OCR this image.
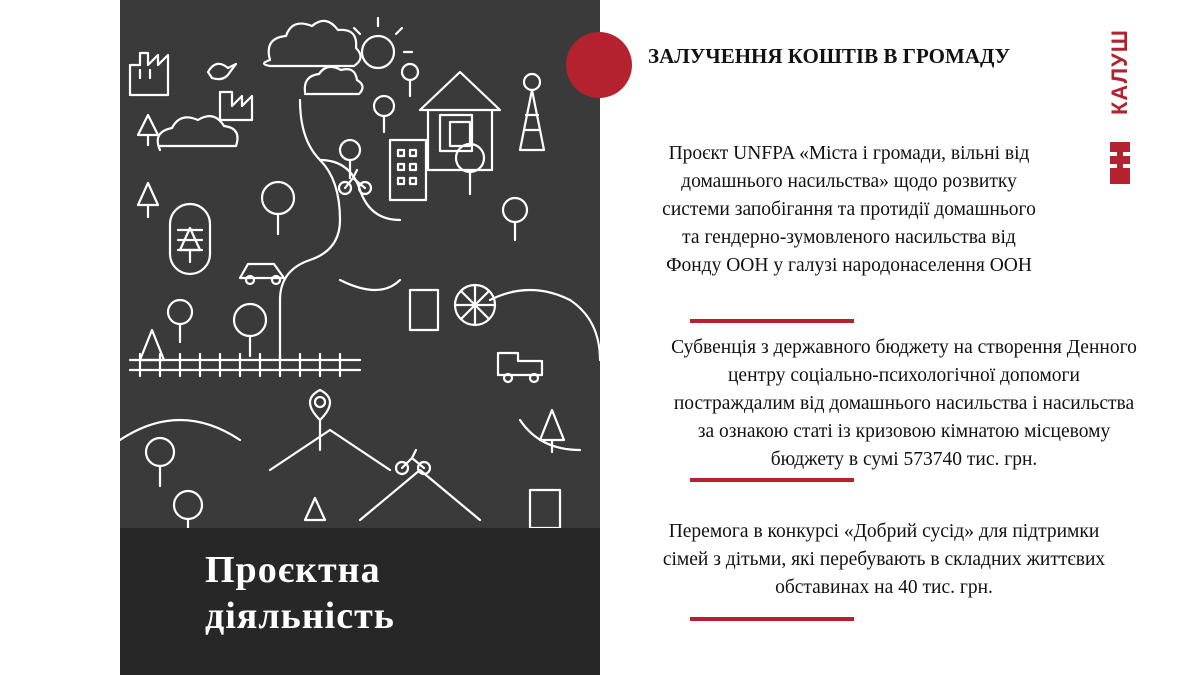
Проєктна
діяльність
ЗАЛУЧЕННЯ КОШТІВ В ГРОМАДУ	КАЛУШ
Проєкт UNFPA «Міста і громади, вільні від
домашнього насильства» щодо розвитку
системи запобігання та протидії домашнього
та гендерно-зумовленого насильства від
Фонду ООН у галузі народонаселення ООН
Субвенція з державного бюджету на створення Денного
центру соціально-психологічної допомоги
постраждалим від домашнього насильства і насильства
за ознакою статі із кризовою кімнатою місцевому
бюджету в сумі 573740 тис. грн.
Перемога в конкурсі «Добрий сусід» для підтримки
сімей з дітьми, які перебувають в складних життєвих
обставинах на 40 тис. грн.
